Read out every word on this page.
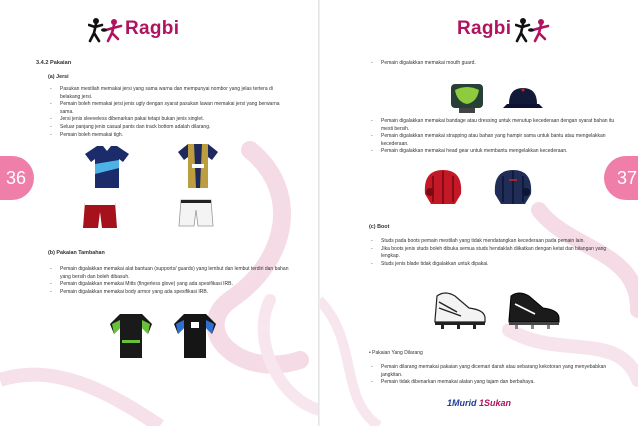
Ragbi
36
3.4.2 Pakaian
(a) Jersi
- Pasukan mestilah memakai jersi yang sama warna dan mempunyai nombor yang jelas tertera di belakang jersi.
- Pemain boleh memakai jersi jenis ugly dengan syarat pasukan lawan memakai jersi yang berwarna sama.
- Jersi jenis sleeveless dibenarkan pakai tetapi bukan jenis singlet.
- Seluar panjang jenis casual pants dan track bottom adalah dilarang.
- Pemain boleh memakai tigh.
(b) Pakaian Tambahan
- Pemain digalakkan memakai alat bantuan (supports/ guards) yang lembut dan lembut terdiri dan bahan yang bersih dan boleh dibasuh.
- Pemain digalakkan memakai Mitts (fingerless glove) yang ada spesifikasi IRB.
- Pemain digalakkan memakai body armor yang ada spesifikasi IRB.
Ragbi
37
- Pemain digalakkan memakai mouth guard.
- Pemain digalakkan memakai bandage atau dressing untuk menutup kecederaan dengan syarat bahan itu mesti bersih.
- Pemain digalakkan memakai strapping atau bahan yang hampir sama untuk bantu atau mengelakkan kecederaan.
- Pemain digalakkan memakai head gear untuk membantu mengelakkan kecederaan.
(c) Boot
- Studs pada boots pemain mestilah yang tidak mendatangkan kecederaan pada pemain lain.
- Jika boots jenis studs boleh dibuka semua studs hendaklah diikatkan dengan ketat dan bilangan yang lengkap.
- Studs jenis blade tidak digalakkan untuk dipakai.
• Pakaian Yang Dilarang
- Pemain dilarang memakai pakaian yang dicemari darah atau sebarang kekotoran yang menyebabkan jangkitan.
- Pemain tidak dibenarkan memakai alatan yang tajam dan berbahaya.
1Murid 1Sukan
